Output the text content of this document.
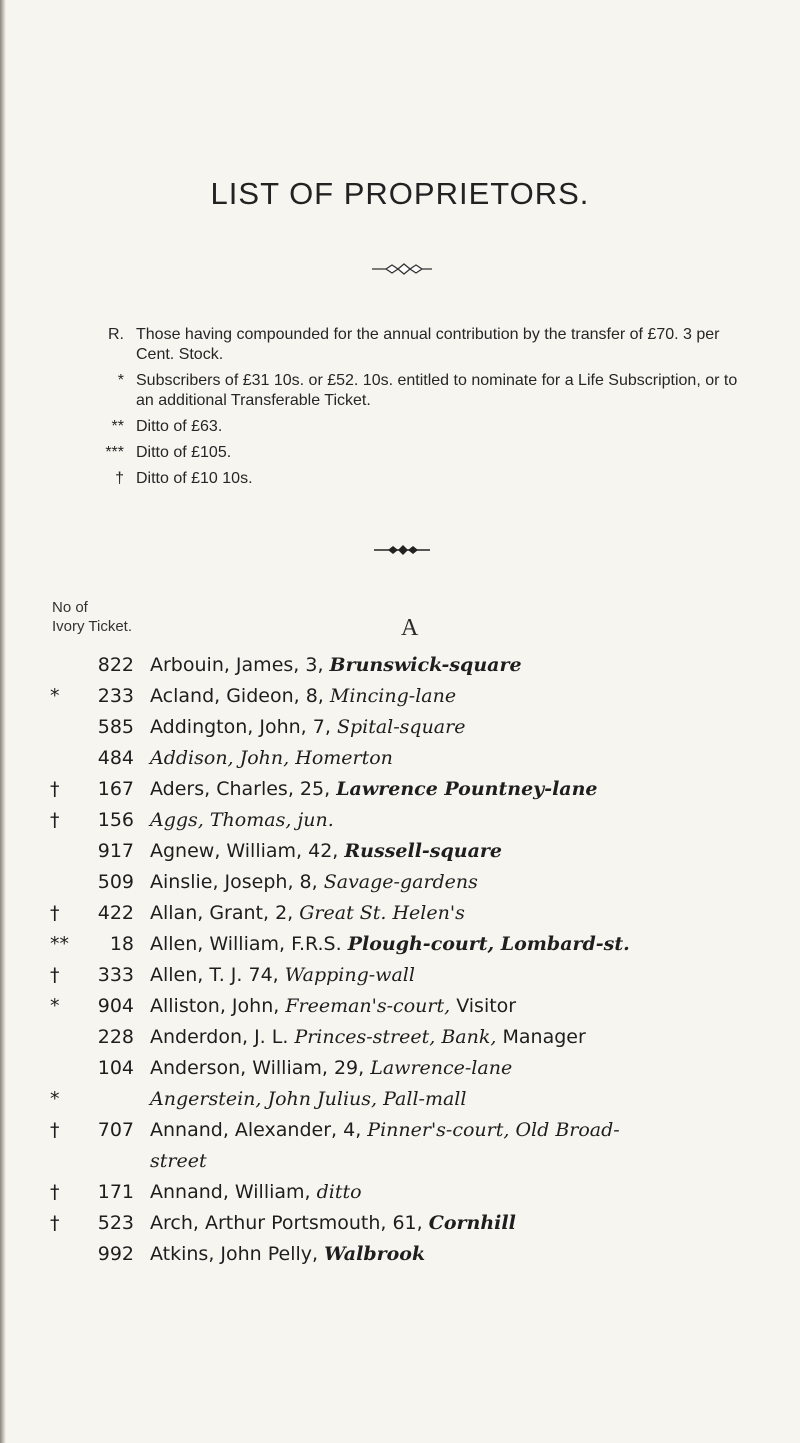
LIST OF PROPRIETORS.
R. Those having compounded for the annual contribution by the transfer of £70. 3 per Cent. Stock.
* Subscribers of £31 10s. or £52. 10s. entitled to nominate for a Life Subscription, or to an additional Transferable Ticket.
** Ditto of £63.
*** Ditto of £105.
† Ditto of £10 10s.
No of
Ivory Ticket.	A
822 Arbouin, James, 3, Brunswick-square
*	233 Acland, Gideon, 8, Mincing-lane
585 Addington, John, 7, Spital-square
484 Addison, John, Homerton
†	167 Aders, Charles, 25, Lawrence Pountney-lane
†	156 Aggs, Thomas, jun.
917 Agnew, William, 42, Russell-square
509 Ainslie, Joseph, 8, Savage-gardens
†	422 Allan, Grant, 2, Great St. Helen's
**	18 Allen, William, F.R.S. Plough-court, Lombard-st.
†	333 Allen, T. J. 74, Wapping-wall
*	904 Alliston, John, Freeman's-court, Visitor
228 Anderdon, J. L. Princes-street, Bank, Manager
104 Anderson, William, 29, Lawrence-lane
*	Angerstein, John Julius, Pall-mall
†	707 Annand, Alexander, 4, Pinner's-court, Old Broad-street
†	171 Annand, William, ditto
†	523 Arch, Arthur Portsmouth, 61, Cornhill
992 Atkins, John Pelly, Walbrook
